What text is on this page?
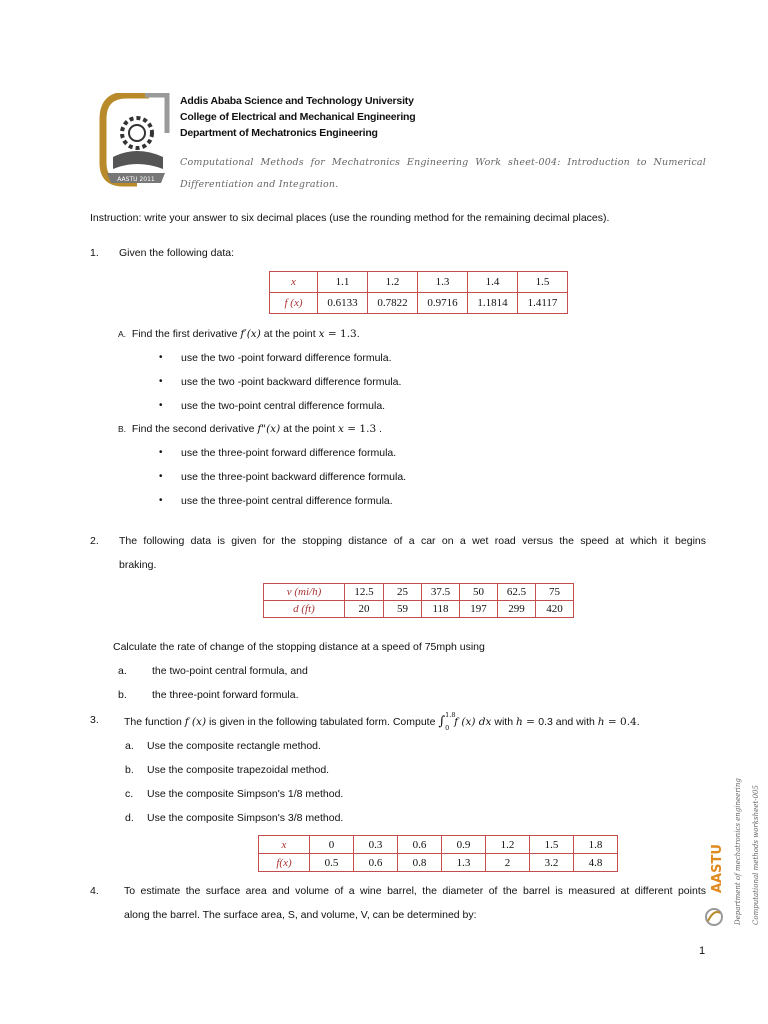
AASTU 2011
Addis Ababa Science and Technology University
College of Electrical and Mechanical Engineering
Department of Mechatronics Engineering
Computational Methods for Mechatronics Engineering Work sheet-004: Introduction to Numerical
Differentiation and Integration.
Instruction: write your answer to six decimal places (use the rounding method for the remaining decimal places).
1. Given the following data:
x	1.1	1.2	1.3	1.4	1.5
f (x)	0.6133	0.7822	0.9716	1.1814	1.4117
A. Find the first derivative f′(x) at the point x = 1.3.
• use the two -point forward difference formula.
• use the two -point backward difference formula.
• use the two-point central difference formula.
B. Find the second derivative f"(x) at the point x = 1.3 .
• use the three-point forward difference formula.
• use the three-point backward difference formula.
• use the three-point central difference formula.
2. The following data is given for the stopping distance of a car on a wet road versus the speed at which it begins
braking.
v (mi/h)	12.5	25	37.5	50	62.5	75
d (ft)	20	59	118	197	299	420
Calculate the rate of change of the stopping distance at a speed of 75mph using
a. the two-point central formula, and
b. the three-point forward formula.
3. The function f (x) is given in the following tabulated form. Compute ∫ 1.8
0
f (x) dx with h = 0.3 and with h = 0.4.
a. Use the composite rectangle method.
b. Use the composite trapezoidal method.
c. Use the composite Simpson's 1/8 method.
d. Use the composite Simpson's 3/8 method.
x	0	0.3	0.6	0.9	1.2	1.5	1.8
f(x)	0.5	0.6	0.8	1.3	2	3.2	4.8
4. To estimate the surface area and volume of a wine barrel, the diameter of the barrel is measured at different points
along the barrel. The surface area, S, and volume, V, can be determined by:
AASTU Department of mechatronics engineering Computational methods worksheet-005
1
